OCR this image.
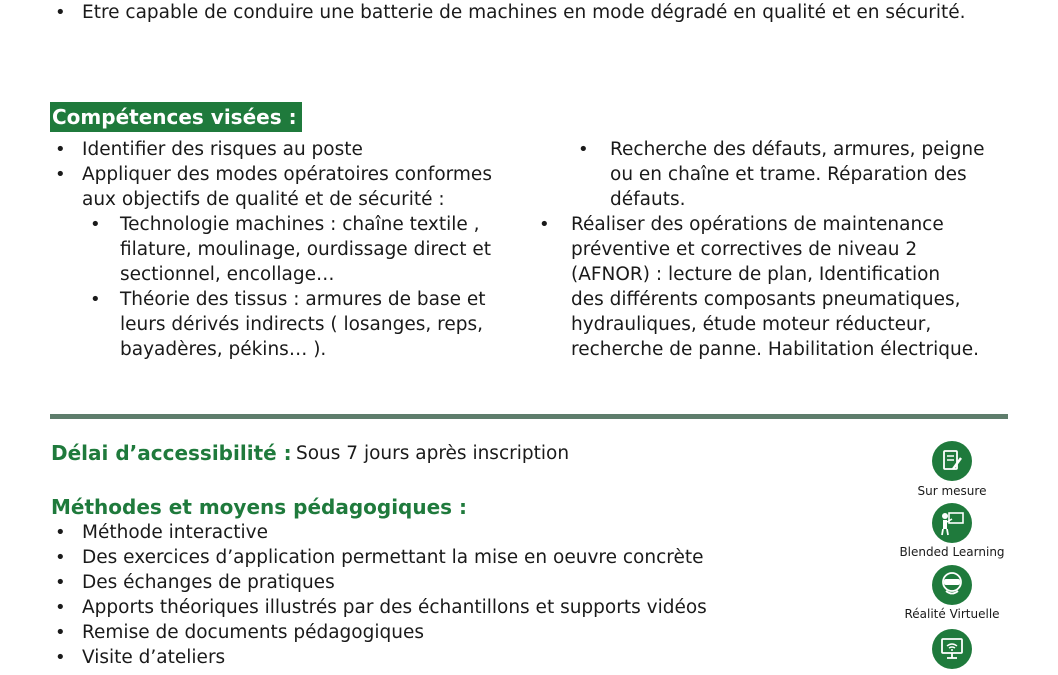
• Etre capable de conduire une batterie de machines en mode dégradé en qualité et en sécurité.
Compétences visées :
• Identifier des risques au poste
• Appliquer des modes opératoires conformes
aux objectifs de qualité et de sécurité :
• Technologie machines : chaîne textile ,
filature, moulinage, ourdissage direct et
sectionnel, encollage…
• Théorie des tissus : armures de base et
leurs dérivés indirects ( losanges, reps,
bayadères, pékins… ).
• Recherche des défauts, armures, peigne
ou en chaîne et trame. Réparation des
défauts.
• Réaliser des opérations de maintenance
préventive et correctives de niveau 2
(AFNOR) : lecture de plan, Identification
des différents composants pneumatiques,
hydrauliques, étude moteur réducteur,
recherche de panne. Habilitation électrique.
Délai d’accessibilité : Sous 7 jours après inscription
Méthodes et moyens pédagogiques :
• Méthode interactive
• Des exercices d’application permettant la mise en oeuvre concrète
• Des échanges de pratiques
• Apports théoriques illustrés par des échantillons et supports vidéos
• Remise de documents pédagogiques
• Visite d’ateliers
Sur mesure
Blended Learning
Réalité Virtuelle
